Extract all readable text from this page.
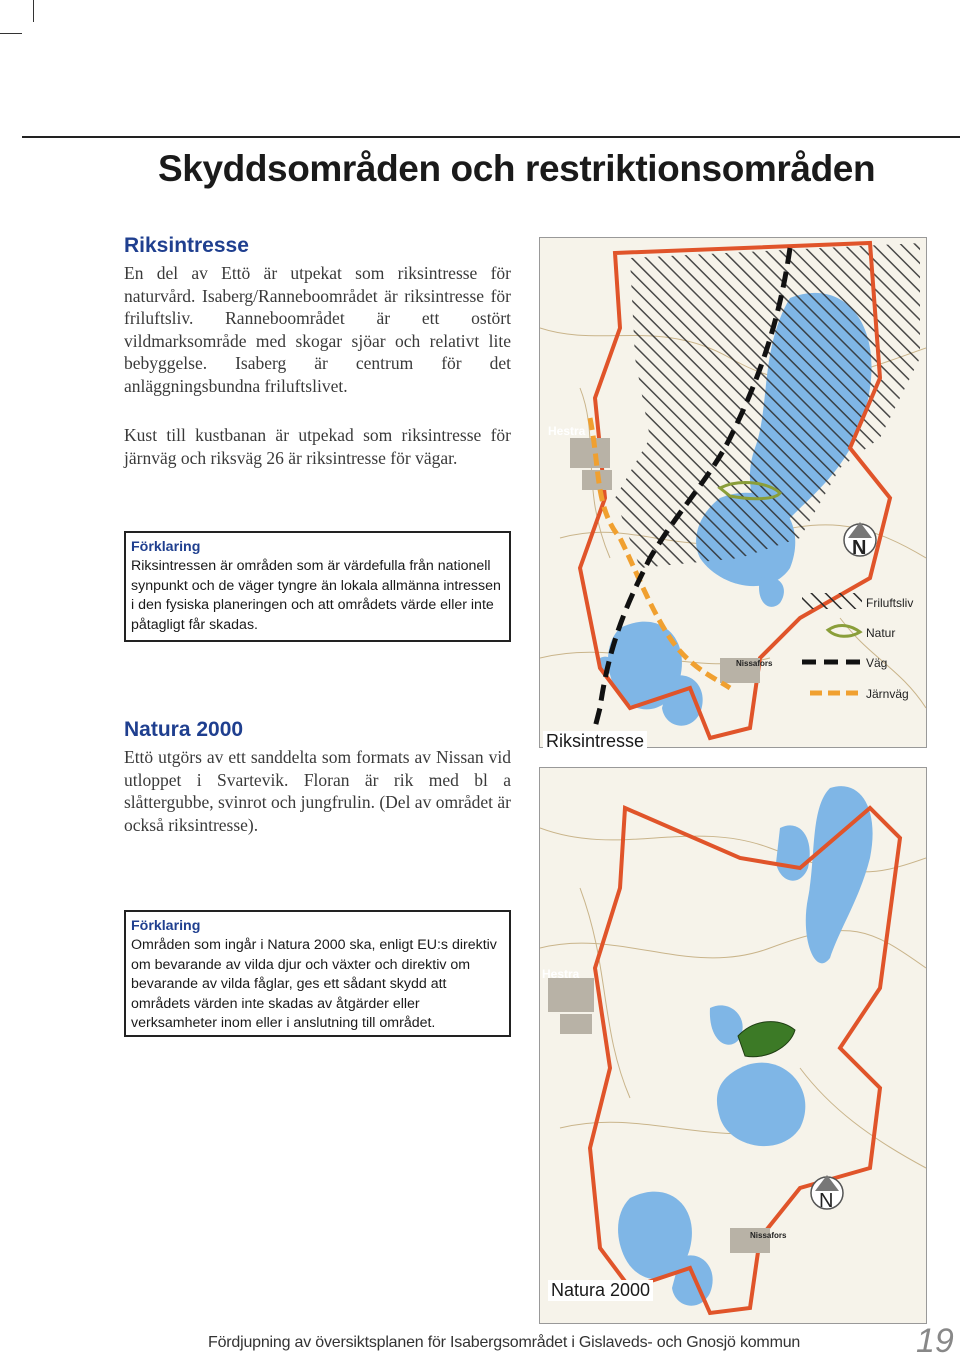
Skyddsområden och restriktionsområden
Riksintresse

En del av Ettö är utpekat som riksintresse för naturvård. Isaberg/Ranneboområdet är riksintresse för friluftsliv. Ranneboområdet är ett ostört vildmarksområde med skogar sjöar och relativt lite bebyggelse. Isaberg är centrum för det anläggningsbundna friluftslivet.

Kust till kustbanan är utpekad som riksintresse för järnväg och riksväg 26 är riksintresse för vägar.

Förklaring
Riksintressen är områden som är värdefulla från nationell synpunkt och de väger tyngre än lokala allmänna intressen i den fysiska planeringen och att områdets värde eller inte påtagligt får skadas.
Natura 2000

Ettö utgörs av ett sanddelta som formats av Nissan vid utloppet i Svartevik. Floran är rik med bl a slåttergubbe, svinrot och jungfrulin. (Del av området är också riksintresse).

Förklaring
Områden som ingår i Natura 2000 ska, enligt EU:s direktiv om bevarande av vilda djur och växter och direktiv om bevarande av vilda fåglar, ges ett sådant skydd att områdets värden inte skadas av åtgärder eller verksamheter inom eller i anslutning till området.
Hestra
Nissafors
N
Friluftsliv
Natur
Väg
Järnväg
Riksintresse
Hestra
Nissafors
N
Natura 2000
Fördjupning av översiktsplanen för Isabergsområdet i Gislaveds- och Gnosjö kommun	19
